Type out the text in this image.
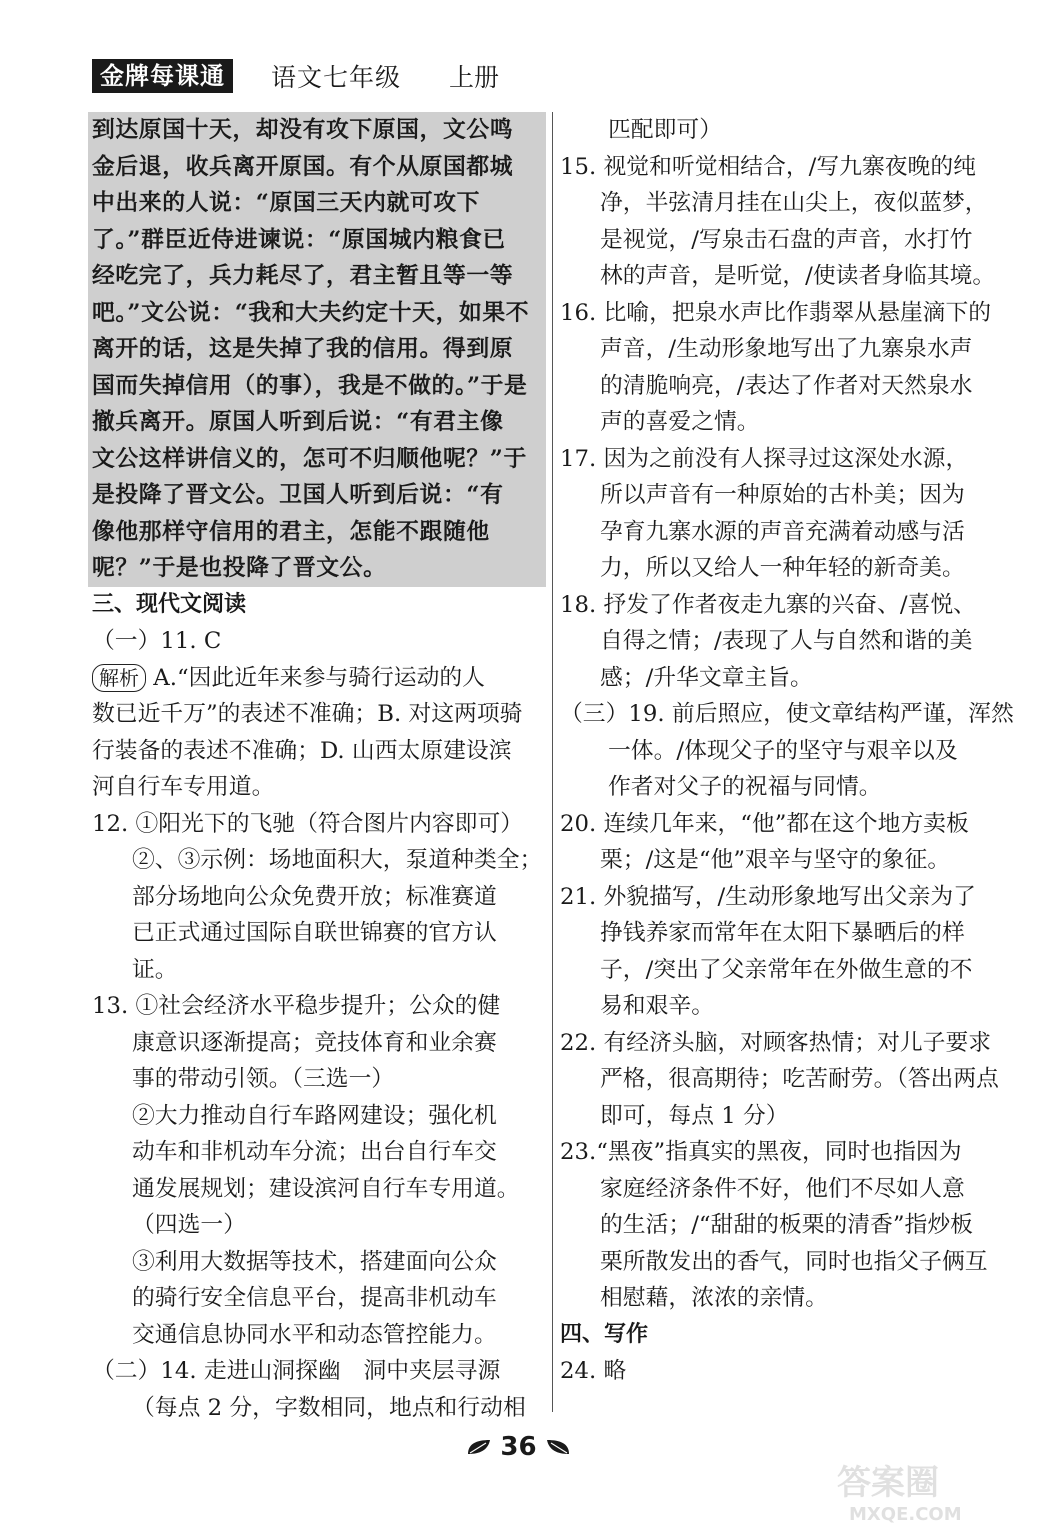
金牌每课通	语文七年级 上册
到达原国十天，却没有攻下原国，文公鸣
金后退，收兵离开原国。有个从原国都城
中出来的人说：“原国三天内就可攻下
了。”群臣近侍进谏说：“原国城内粮食已
经吃完了，兵力耗尽了，君主暂且等一等
吧。”文公说：“我和大夫约定十天，如果不
离开的话，这是失掉了我的信用。得到原
国而失掉信用（的事），我是不做的。”于是
撤兵离开。原国人听到后说：“有君主像
文公这样讲信义的，怎可不归顺他呢？”于
是投降了晋文公。卫国人听到后说：“有
像他那样守信用的君主，怎能不跟随他
呢？”于是也投降了晋文公。
三、现代文阅读
（一）11. C
解析 A.“因此近年来参与骑行运动的人
数已近千万”的表述不准确；B. 对这两项骑
行装备的表述不准确；D. 山西太原建设滨
河自行车专用道。
12. ①阳光下的飞驰（符合图片内容即可）
②、③示例：场地面积大，泵道种类全；
部分场地向公众免费开放；标准赛道
已正式通过国际自联世锦赛的官方认
证。
13. ①社会经济水平稳步提升；公众的健
康意识逐渐提高；竞技体育和业余赛
事的带动引领。（三选一）
②大力推动自行车路网建设；强化机
动车和非机动车分流；出台自行车交
通发展规划；建设滨河自行车专用道。
（四选一）
③利用大数据等技术，搭建面向公众
的骑行安全信息平台，提高非机动车
交通信息协同水平和动态管控能力。
（二）14. 走进山洞探幽　洞中夹层寻源
（每点 2 分，字数相同，地点和行动相
匹配即可）
15. 视觉和听觉相结合，/写九寨夜晚的纯
净，半弦清月挂在山尖上，夜似蓝梦，
是视觉，/写泉击石盘的声音，水打竹
林的声音，是听觉，/使读者身临其境。
16. 比喻，把泉水声比作翡翠从悬崖滴下的
声音，/生动形象地写出了九寨泉水声
的清脆响亮，/表达了作者对天然泉水
声的喜爱之情。
17. 因为之前没有人探寻过这深处水源，
所以声音有一种原始的古朴美；因为
孕育九寨水源的声音充满着动感与活
力，所以又给人一种年轻的新奇美。
18. 抒发了作者夜走九寨的兴奋、/喜悦、
自得之情；/表现了人与自然和谐的美
感；/升华文章主旨。
（三）19. 前后照应，使文章结构严谨，浑然
一体。/体现父子的坚守与艰辛以及
作者对父子的祝福与同情。
20. 连续几年来，“他”都在这个地方卖板
栗；/这是“他”艰辛与坚守的象征。
21. 外貌描写，/生动形象地写出父亲为了
挣钱养家而常年在太阳下暴晒后的样
子，/突出了父亲常年在外做生意的不
易和艰辛。
22. 有经济头脑，对顾客热情；对儿子要求
严格，很高期待；吃苦耐劳。（答出两点
即可，每点 1 分）
23.“黑夜”指真实的黑夜，同时也指因为
家庭经济条件不好，他们不尽如人意
的生活；/“甜甜的板栗的清香”指炒板
栗所散发出的香气，同时也指父子俩互
相慰藉，浓浓的亲情。
四、写作
24. 略
36
答案圈
MXQE.COM
